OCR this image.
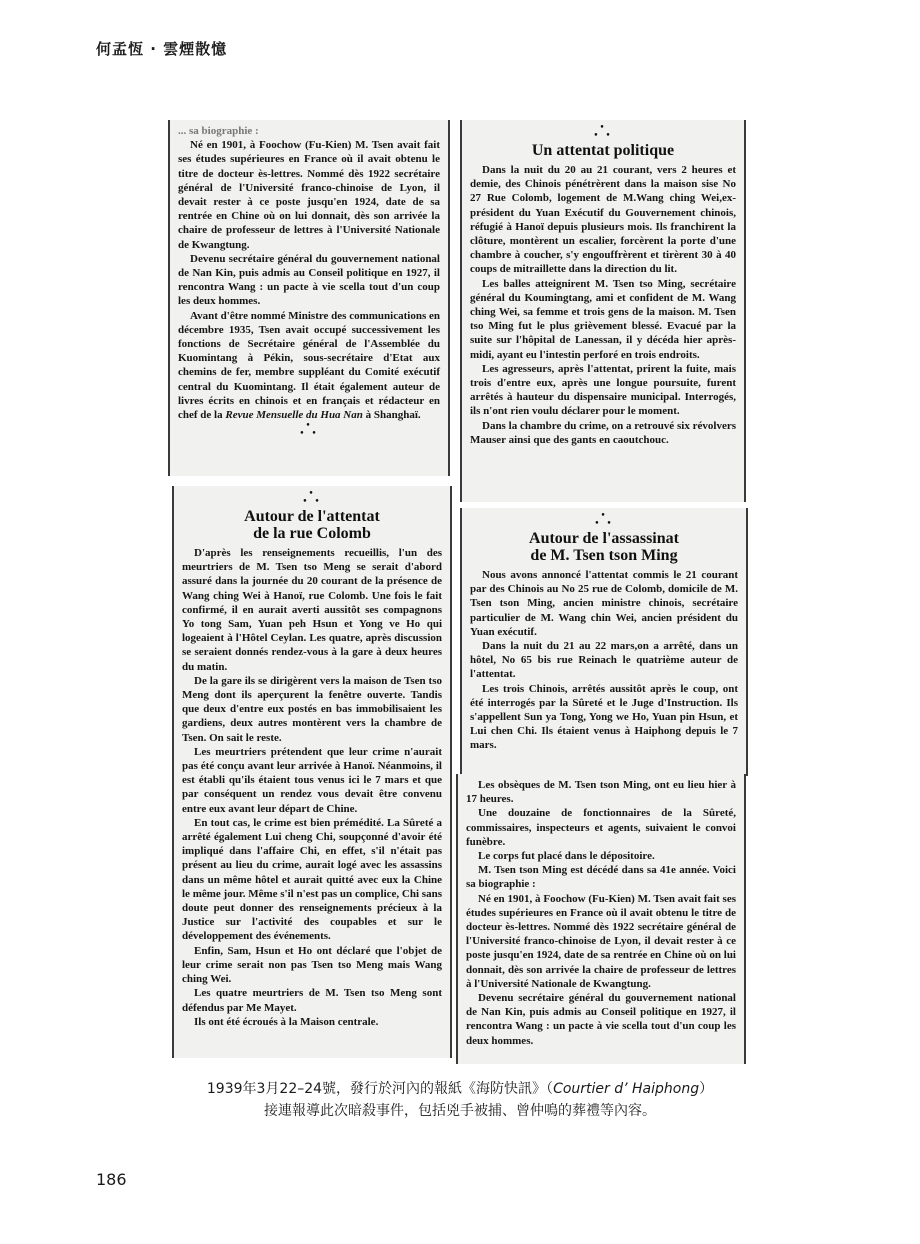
何孟恆 · 雲煙散憶

... sa biographie :

Né en 1901, à Foochow (Fu-Kien) M. Tsen avait fait ses études supérieures en France où il avait obtenu le titre de docteur ès-lettres. Nommé dès 1922 secrétaire général de l'Université franco-chinoise de Lyon, il devait rester à ce poste jusqu'en 1924, date de sa rentrée en Chine où on lui donnait, dès son arrivée la chaire de professeur de lettres à l'Université Nationale de Kwangtung.

Devenu secrétaire général du gouvernement national de Nan Kin, puis admis au Conseil politique en 1927, il rencontra Wang : un pacte à vie scella tout d'un coup les deux hommes.

Avant d'être nommé Ministre des communications en décembre 1935, Tsen avait occupé successivement les fonctions de Secrétaire général de l'Assemblée du Kuomintang à Pékin, sous-secrétaire d'Etat aux chemins de fer, membre suppléant du Comité exécutif central du Kuomintang. Il était également auteur de livres écrits en chinois et en français et rédacteur en chef de la Revue Mensuelle du Hua Nan à Shanghaï.

•
• •

•
• •

Un attentat politique

Dans la nuit du 20 au 21 courant, vers 2 heures et demie, des Chinois pénétrèrent dans la maison sise No 27 Rue Colomb, logement de M.Wang ching Wei,ex-président du Yuan Exécutif du Gouvernement chinois, réfugié à Hanoï depuis plusieurs mois. Ils franchirent la clôture, montèrent un escalier, forcèrent la porte d'une chambre à coucher, s'y engouffrèrent et tirèrent 30 à 40 coups de mitraillette dans la direction du lit.

Les balles atteignirent M. Tsen tso Ming, secrétaire général du Koumingtang, ami et confident de M. Wang ching Wei, sa femme et trois gens de la maison. M. Tsen tso Ming fut le plus grièvement blessé. Evacué par la suite sur l'hôpital de Lanessan, il y décéda hier après-midi, ayant eu l'intestin perforé en trois endroits.

Les agresseurs, après l'attentat, prirent la fuite, mais trois d'entre eux, après une longue poursuite, furent arrêtés à hauteur du dispensaire municipal. Interrogés, ils n'ont rien voulu déclarer pour le moment.

Dans la chambre du crime, on a retrouvé six révolvers Mauser ainsi que des gants en caoutchouc.

•
• •

Autour de l'attentat
de la rue Colomb

D'après les renseignements recueillis, l'un des meurtriers de M. Tsen tso Meng se serait d'abord assuré dans la journée du 20 courant de la présence de Wang ching Wei à Hanoï, rue Colomb. Une fois le fait confirmé, il en aurait averti aussitôt ses compagnons Yo tong Sam, Yuan peh Hsun et Yong ve Ho qui logeaient à l'Hôtel Ceylan. Les quatre, après discussion se seraient donnés rendez-vous à la gare à deux heures du matin.

De la gare ils se dirigèrent vers la maison de Tsen tso Meng dont ils aperçurent la fenêtre ouverte. Tandis que deux d'entre eux postés en bas immobilisaient les gardiens, deux autres montèrent vers la chambre de Tsen. On sait le reste.

Les meurtriers prétendent que leur crime n'aurait pas été conçu avant leur arrivée à Hanoï. Néanmoins, il est établi qu'ils étaient tous venus ici le 7 mars et que par conséquent un rendez vous devait être convenu entre eux avant leur départ de Chine.

En tout cas, le crime est bien prémédité. La Sûreté a arrêté également Lui cheng Chi, soupçonné d'avoir été impliqué dans l'affaire Chi, en effet, s'il n'était pas présent au lieu du crime, aurait logé avec les assassins dans un même hôtel et aurait quitté avec eux la Chine le même jour. Même s'il n'est pas un complice, Chi sans doute peut donner des renseignements précieux à la Justice sur l'activité des coupables et sur le développement des événements.

Enfin, Sam, Hsun et Ho ont déclaré que l'objet de leur crime serait non pas Tsen tso Meng mais Wang ching Wei.

Les quatre meurtriers de M. Tsen tso Meng sont défendus par Me Mayet.

Ils ont été écroués à la Maison centrale.

•
• •

Autour de l'assassinat
de M. Tsen tson Ming

Nous avons annoncé l'attentat commis le 21 courant par des Chinois au No 25 rue de Colomb, domicile de M. Tsen tson Ming, ancien ministre chinois, secrétaire particulier de M. Wang chin Wei, ancien président du Yuan exécutif.

Dans la nuit du 21 au 22 mars,on a arrêté, dans un hôtel, No 65 bis rue Reinach le quatrième auteur de l'attentat.

Les trois Chinois, arrêtés aussitôt après le coup, ont été interrogés par la Sûreté et le Juge d'Instruction. Ils s'appellent Sun ya Tong, Yong we Ho, Yuan pin Hsun, et Lui chen Chi. Ils étaient venus à Haiphong depuis le 7 mars.

Les obsèques de M. Tsen tson Ming, ont eu lieu hier à 17 heures.

Une douzaine de fonctionnaires de la Sûreté, commissaires, inspecteurs et agents, suivaient le convoi funèbre.

Le corps fut placé dans le dépositoire.

M. Tsen tson Ming est décédé dans sa 41e année. Voici sa biographie :

Né en 1901, à Foochow (Fu-Kien) M. Tsen avait fait ses études supérieures en France où il avait obtenu le titre de docteur ès-lettres. Nommé dès 1922 secrétaire général de l'Université franco-chinoise de Lyon, il devait rester à ce poste jusqu'en 1924, date de sa rentrée en Chine où on lui donnait, dès son arrivée la chaire de professeur de lettres à l'Université Nationale de Kwangtung.

Devenu secrétaire général du gouvernement national de Nan Kin, puis admis au Conseil politique en 1927, il rencontra Wang : un pacte à vie scella tout d'un coup les deux hommes.

1939年3月22–24號，發行於河內的報紙《海防快訊》（Courtier d’ Haiphong）
接連報導此次暗殺事件，包括兇手被捕、曾仲鳴的葬禮等內容。
186
